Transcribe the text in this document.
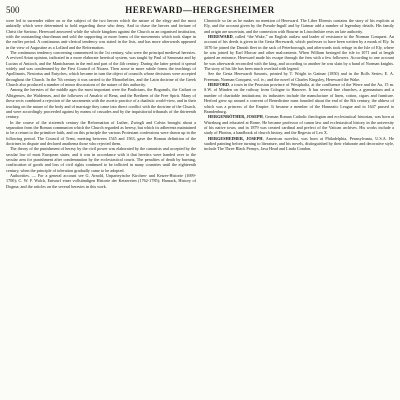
500	HEREWARD—HERGESHEIMER

were led to surrender either on or the subject of the two heroes which the nature of the elegy and the most unkindly which were determined to hold regarding those who deny. And to chase the heroes and fortune of Christ the Saviour, Hereward answered while the whole kingdom against the Church as an organised institution, with the outstanding churchman and sold the supporting or more forms of the movements which took shape in the earlier period. A continuous anti-clerical tendency was stated in the lists, and has more afterwards appeared in the view of Augustine as a Lollard and the Reformation.

The continuous tendency concerning commenced in the 1st century, who were the principal medieval heresies. A revived Arian opinion, indicated in a more elaborate heretical system, was taught by Paul of Samosata and by Lucian of Antioch, and the Manichaeans in the end and part of the 4th century. During the latter period it spread widely and was condemned by the First Council of Nicaea. Then arose in more subtle forms the teachings of Apollinaris, Nestorius and Eutyches, which became in turn the object of councils whose decisions were accepted throughout the Church. In the 7th century it was carried to the Monothelites, and the Latin doctrine of the Greek Church also produced a number of minor discussions of the nature of this authority.

Among the heresies of the middle ages the most important were the Paulicians, the Bogomils, the Cathari or Albigenses, the Waldenses, and the followers of Amalric of Bena, and the Brethren of the Free Spirit. Many of these sects combined a rejection of the sacraments with the ascetic practice of a dualistic world-view, and in their teaching on the nature of the body and of marriage they came into direct conflict with the doctrine of the Church, and were accordingly proceeded against by means of crusades and by the inquisitorial tribunals of the thirteenth century.

In the course of the sixteenth century the Reformation of Luther, Zwingli and Calvin brought about a separation from the Roman communion which the Church regarded as heresy, but which its adherents maintained to be a return to the primitive faith, and on this principle the various Protestant confessions were drawn up in the following period. The Council of Trent, meeting between 1545 and 1563, gave the Roman definition of the doctrines in dispute and declared anathema those who rejected them.

The theory of the punishment of heresy by the civil power was elaborated by the canonists and accepted by the secular law of most European states, and it was in accordance with it that heretics were handed over to the secular arm for punishment after condemnation by the ecclesiastical courts. The penalties of death by burning, confiscation of goods and loss of civil rights continued to be inflicted in many countries until the eighteenth century, when the principle of toleration gradually came to be adopted.

Authorities. — For a general account see G. Arnold, Unparteyische Kirchen- und Ketzer-Historie (1699-1700); C. W. F. Walch, Entwurf einer vollständigen Historie der Ketzereien (1762-1785); Harnack, History of Dogma; and the articles on the several heresies in this work.

Chronicle so far as he makes no mention of Hereward. The Liber Eliensis contains the story of his exploits at Ely, and the account given by the Pseudo-Ingulf and by Gaimar add a number of legendary details. His family and origin are uncertain, and the connexion with Bourne in Lincolnshire rests on late authority.

HEREWARD, called “the Wake,” an English outlaw and leader of resistance to the Norman Conquest. An account of his deeds is given in the Gesta Herewardi, which professes to have been written by a monk of Ely. In 1070 he joined the Danish fleet in the sack of Peterborough, and afterwards took refuge in the Isle of Ely, where he was joined by Earl Morcar and other malcontents. When William besieged the isle in 1071 and at length gained an entrance, Hereward made his escape through the fens with a few followers. According to one account he was afterwards reconciled with the king, and according to another he was slain by a band of Norman knights. The story of his life has been much overlaid with legend.

See the Gesta Herewardi Saxonis, printed by T. Wright in Gaïmar (1850) and in the Rolls Series; E. A. Freeman, Norman Conquest, vol. iv.; and the novel of Charles Kingsley, Hereward the Wake.

HERFORD, a town in the Prussian province of Westphalia, at the confluence of the Werre and the Aa, 15 m. S.W. of Minden on the railway from Cologne to Hanover. It has several fine churches, a gymnasium and a number of charitable institutions; its industries include the manufacture of linen, cotton, cigars and furniture. Herford grew up around a convent of Benedictine nuns founded about the end of the 8th century, the abbess of which was a princess of the Empire. It became a member of the Hanseatic League and in 1647 passed to Brandenburg.

HERGENRÖTHER, JOSEPH, German Roman Catholic theologian and ecclesiastical historian, was born at Würzburg and educated at Rome. He became professor of canon law and ecclesiastical history in the university of his native town, and in 1879 was created cardinal and prefect of the Vatican archives. His works include a study of Photius, a handbook of church history, and the Regesta of Leo X.

HERGESHEIMER, JOSEPH, American novelist, was born at Philadelphia, Pennsylvania, U.S.A. He studied painting before turning to literature, and his novels, distinguished by their elaborate and decorative style, include The Three Black Pennys, Java Head and Linda Condon.
